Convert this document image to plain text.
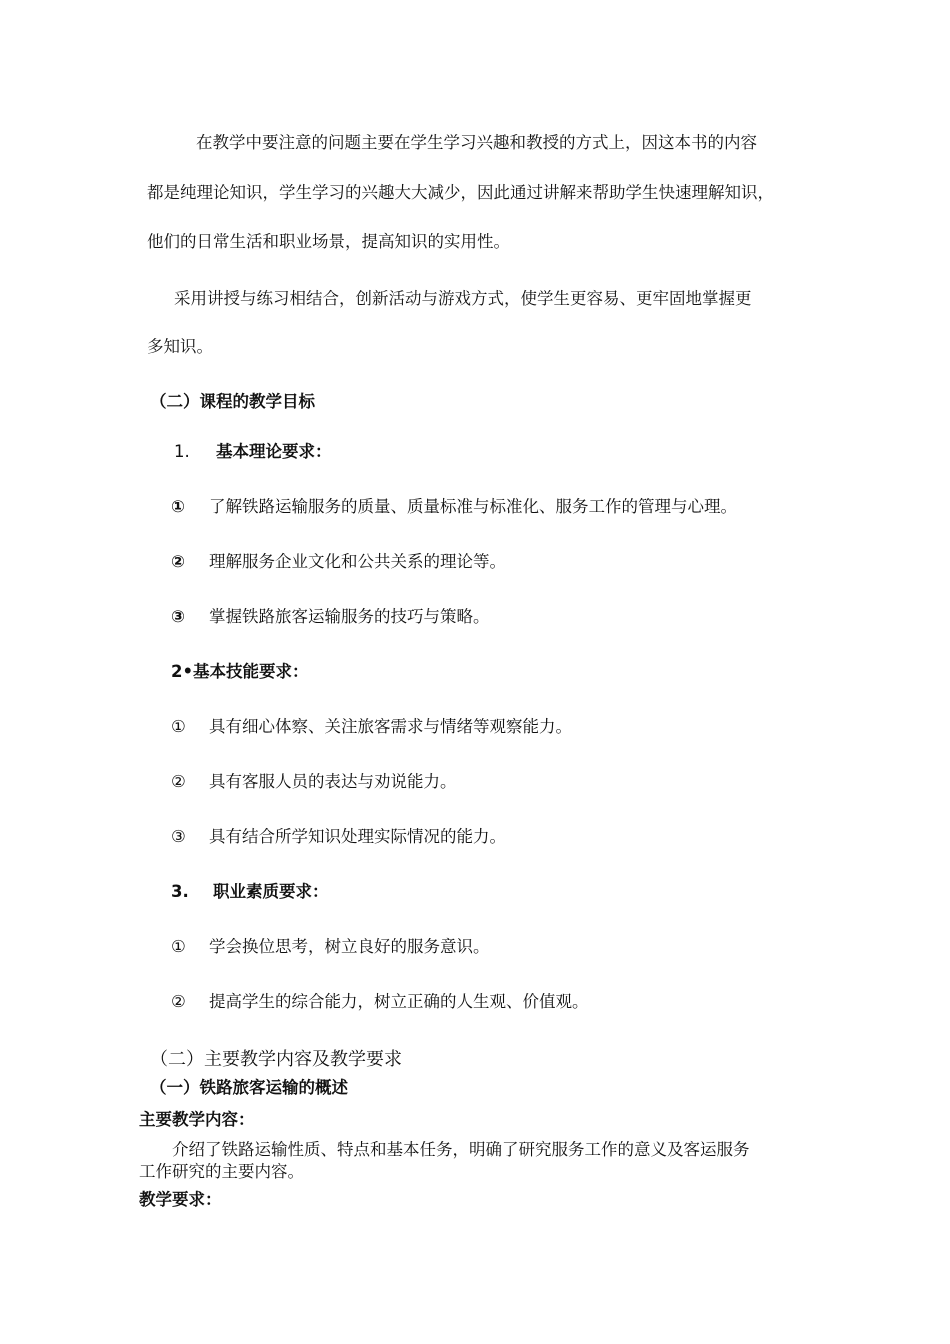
在教学中要注意的问题主要在学生学习兴趣和教授的方式上，因这本书的内容
都是纯理论知识，学生学习的兴趣大大减少，因此通过讲解来帮助学生快速理解知识，
他们的日常生活和职业场景，提高知识的实用性。
采用讲授与练习相结合，创新活动与游戏方式，使学生更容易、更牢固地掌握更
多知识。
（二）课程的教学目标
1. 基本理论要求：
① 了解铁路运输服务的质量、质量标准与标准化、服务工作的管理与心理。
② 理解服务企业文化和公共关系的理论等。
③ 掌握铁路旅客运输服务的技巧与策略。
2•基本技能要求：
① 具有细心体察、关注旅客需求与情绪等观察能力。
② 具有客服人员的表达与劝说能力。
③ 具有结合所学知识处理实际情况的能力。
3. 职业素质要求：
① 学会换位思考，树立良好的服务意识。
② 提高学生的综合能力，树立正确的人生观、价值观。
（二）主要教学内容及教学要求
（一）铁路旅客运输的概述
主要教学内容：
介绍了铁路运输性质、特点和基本任务，明确了研究服务工作的意义及客运服务
工作研究的主要内容。
教学要求：
